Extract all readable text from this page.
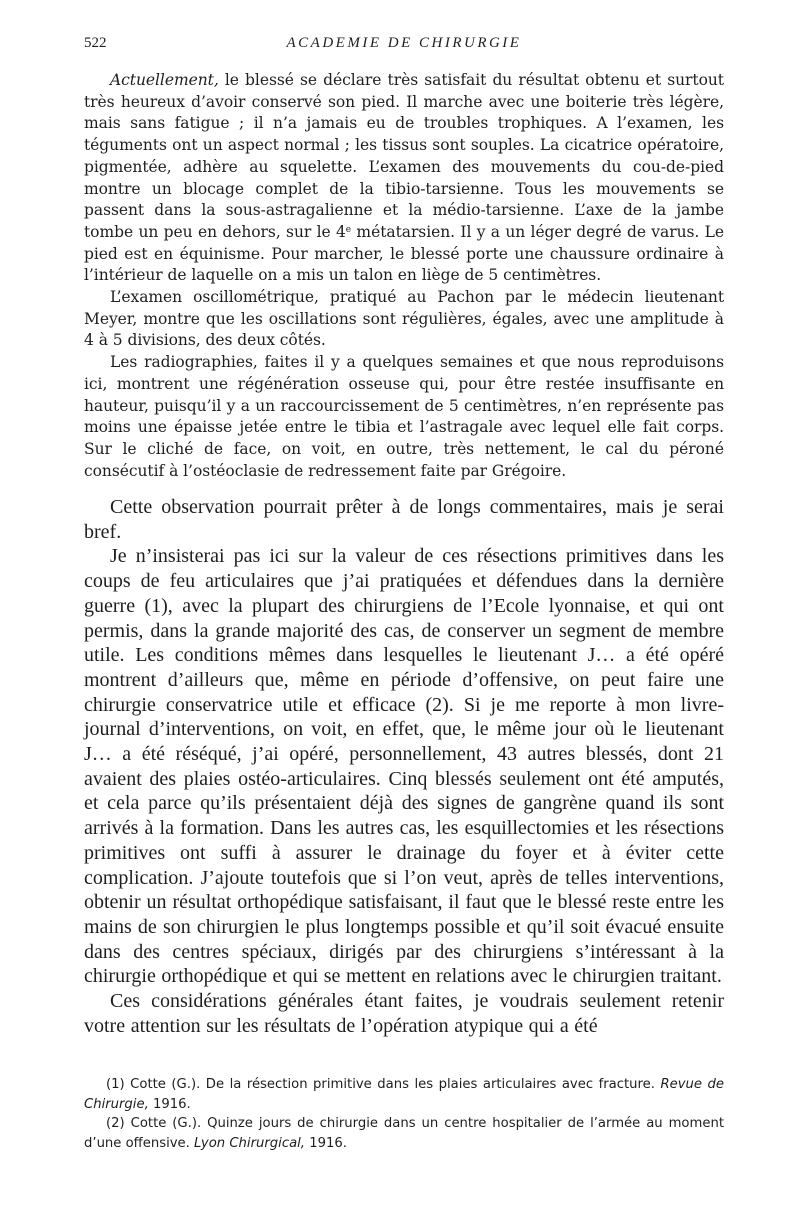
522	ACADEMIE DE CHIRURGIE

Actuellement, le blessé se déclare très satisfait du résultat obtenu et surtout très heureux d’avoir conservé son pied. Il marche avec une boiterie très légère, mais sans fatigue ; il n’a jamais eu de troubles trophiques. A l’examen, les téguments ont un aspect normal ; les tissus sont souples. La cicatrice opératoire, pigmentée, adhère au squelette. L’examen des mouvements du cou-de-pied montre un blocage complet de la tibio-tarsienne. Tous les mouvements se passent dans la sous-astragalienne et la médio-tarsienne. L’axe de la jambe tombe un peu en dehors, sur le 4e métatarsien. Il y a un léger degré de varus. Le pied est en équinisme. Pour marcher, le blessé porte une chaussure ordinaire à l’intérieur de laquelle on a mis un talon en liège de 5 centimètres.

L’examen oscillométrique, pratiqué au Pachon par le médecin lieutenant Meyer, montre que les oscillations sont régulières, égales, avec une amplitude à 4 à 5 divisions, des deux côtés.

Les radiographies, faites il y a quelques semaines et que nous reproduisons ici, montrent une régénération osseuse qui, pour être restée insuffisante en hauteur, puisqu’il y a un raccourcissement de 5 centimètres, n’en représente pas moins une épaisse jetée entre le tibia et l’astragale avec lequel elle fait corps. Sur le cliché de face, on voit, en outre, très nettement, le cal du péroné consécutif à l’ostéoclasie de redressement faite par Grégoire.

Cette observation pourrait prêter à de longs commentaires, mais je serai bref.

Je n’insisterai pas ici sur la valeur de ces résections primitives dans les coups de feu articulaires que j’ai pratiquées et défendues dans la dernière guerre (1), avec la plupart des chirurgiens de l’Ecole lyonnaise, et qui ont permis, dans la grande majorité des cas, de conserver un segment de membre utile. Les conditions mêmes dans lesquelles le lieutenant J… a été opéré montrent d’ailleurs que, même en période d’offensive, on peut faire une chirurgie conservatrice utile et efficace (2). Si je me reporte à mon livre-journal d’interventions, on voit, en effet, que, le même jour où le lieutenant J… a été réséqué, j’ai opéré, personnellement, 43 autres blessés, dont 21 avaient des plaies ostéo-articulaires. Cinq blessés seulement ont été amputés, et cela parce qu’ils présentaient déjà des signes de gangrène quand ils sont arrivés à la formation. Dans les autres cas, les esquillectomies et les résections primitives ont suffi à assurer le drainage du foyer et à éviter cette complication. J’ajoute toutefois que si l’on veut, après de telles interventions, obtenir un résultat orthopédique satisfaisant, il faut que le blessé reste entre les mains de son chirurgien le plus longtemps possible et qu’il soit évacué ensuite dans des centres spéciaux, dirigés par des chirurgiens s’intéressant à la chirurgie orthopédique et qui se mettent en relations avec le chirurgien traitant.

Ces considérations générales étant faites, je voudrais seulement retenir votre attention sur les résultats de l’opération atypique qui a été

(1) Cotte (G.). De la résection primitive dans les plaies articulaires avec fracture. Revue de Chirurgie, 1916.

(2) Cotte (G.). Quinze jours de chirurgie dans un centre hospitalier de l’armée au moment d’une offensive. Lyon Chirurgical, 1916.
